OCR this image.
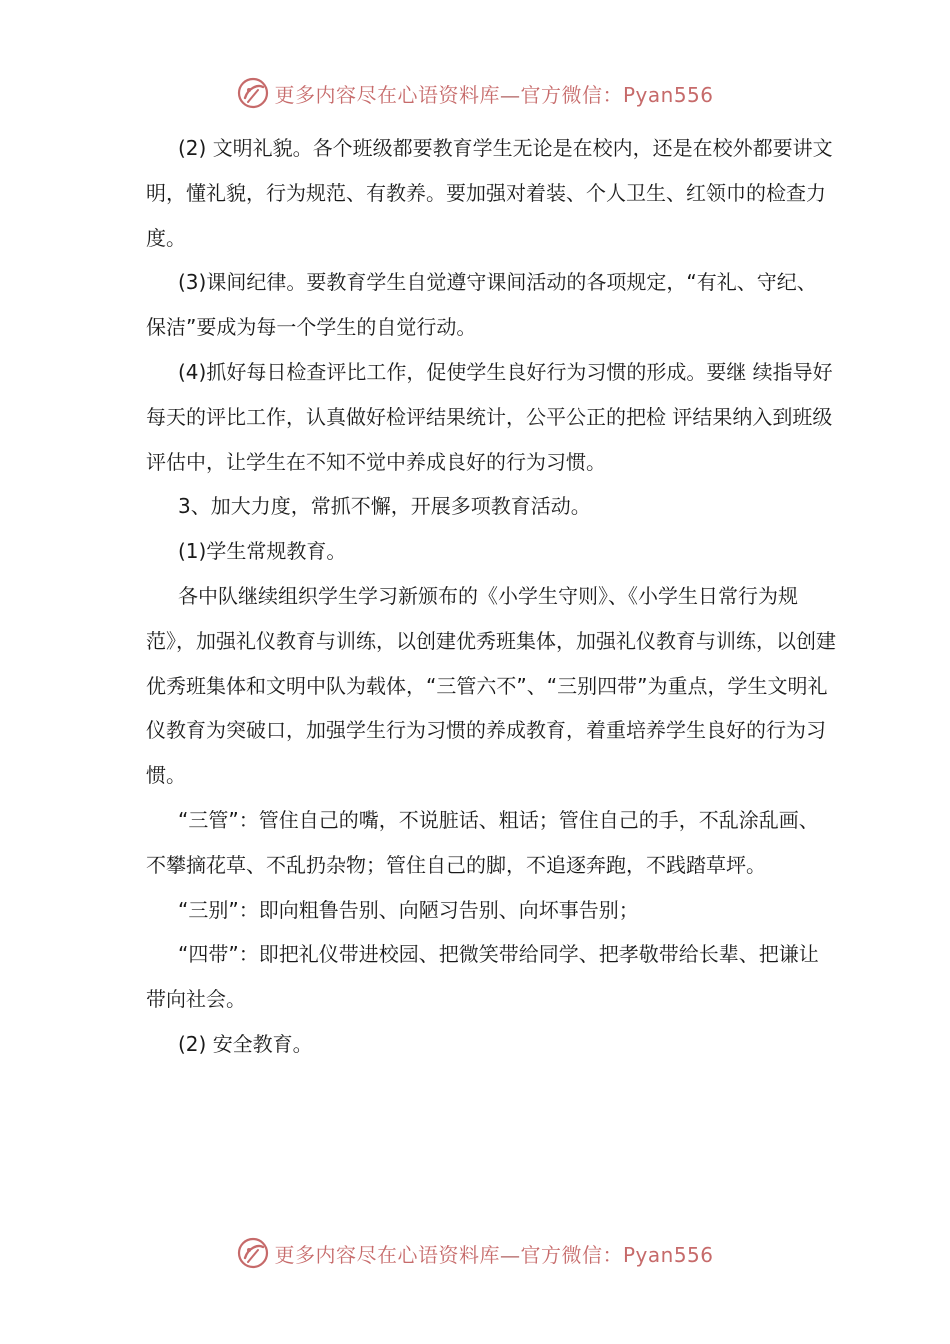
更多内容尽在心语资料库—官方微信：Pyan556

(2) 文明礼貌。各个班级都要教育学生无论是在校内，还是在校外都要讲文明，懂礼貌，行为规范、有教养。要加强对着装、个人卫生、红领巾的检查力度。

(3)课间纪律。要教育学生自觉遵守课间活动的各项规定，“有礼、守纪、保洁”要成为每一个学生的自觉行动。

(4)抓好每日检查评比工作，促使学生良好行为习惯的形成。要继 续指导好每天的评比工作，认真做好检评结果统计，公平公正的把检 评结果纳入到班级评估中，让学生在不知不觉中养成良好的行为习惯。

3、加大力度，常抓不懈，开展多项教育活动。

(1)学生常规教育。

各中队继续组织学生学习新颁布的《小学生守则》、《小学生日常行为规范》，加强礼仪教育与训练，以创建优秀班集体，加强礼仪教育与训练，以创建优秀班集体和文明中队为载体，“三管六不”、“三别四带”为重点，学生文明礼仪教育为突破口，加强学生行为习惯的养成教育，着重培养学生良好的行为习惯。

“三管”：管住自己的嘴，不说脏话、粗话；管住自己的手，不乱涂乱画、不攀摘花草、不乱扔杂物；管住自己的脚，不追逐奔跑，不践踏草坪。

“三别”：即向粗鲁告别、向陋习告别、向坏事告别；

“四带”：即把礼仪带进校园、把微笑带给同学、把孝敬带给长辈、把谦让带向社会。

(2) 安全教育。

更多内容尽在心语资料库—官方微信：Pyan556
